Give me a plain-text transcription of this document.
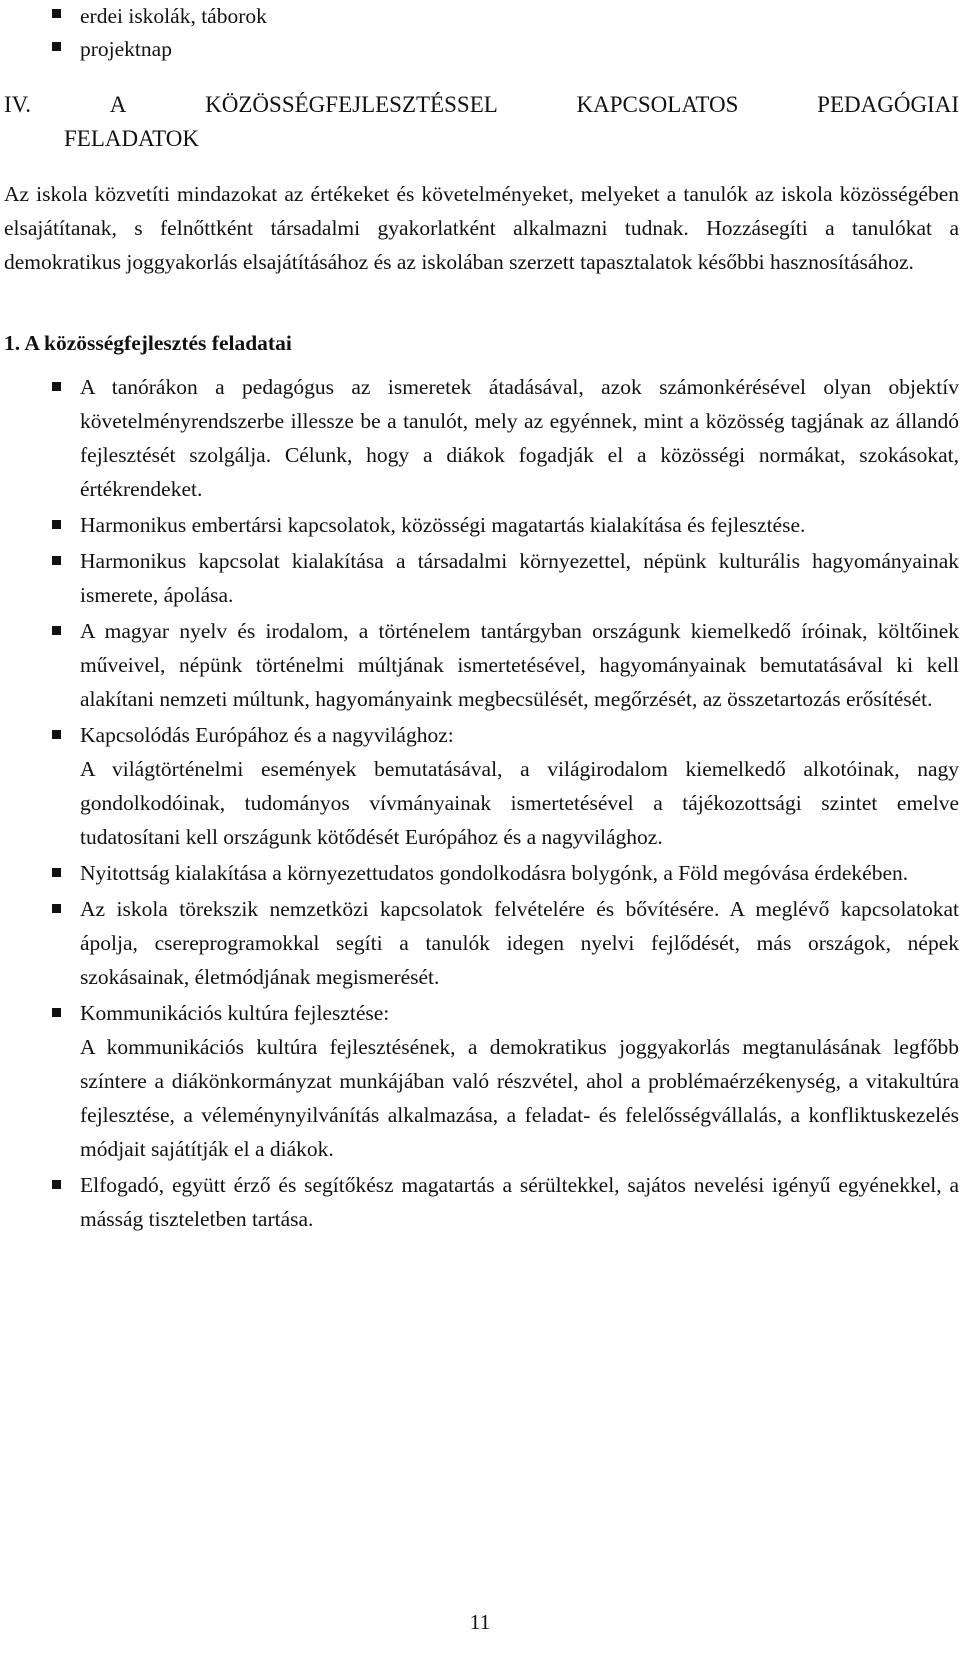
erdei iskolák, táborok
projektnap
IV.	A	KÖZÖSSÉGFEJLESZTÉSSEL	KAPCSOLATOS	PEDAGÓGIAI
FELADATOK

Az iskola közvetíti mindazokat az értékeket és követelményeket, melyeket a tanulók az iskola közösségében elsajátítanak, s felnőttként társadalmi gyakorlatként alkalmazni tudnak. Hozzásegíti a tanulókat a demokratikus joggyakorlás elsajátításához és az iskolában szerzett tapasztalatok későbbi hasznosításához.

1. A közösségfejlesztés feladatai
A tanórákon a pedagógus az ismeretek átadásával, azok számonkérésével olyan objektív követelményrendszerbe illessze be a tanulót, mely az egyénnek, mint a közösség tagjának az állandó fejlesztését szolgálja. Célunk, hogy a diákok fogadják el a közösségi normákat, szokásokat, értékrendeket.
Harmonikus embertársi kapcsolatok, közösségi magatartás kialakítása és fejlesztése.
Harmonikus kapcsolat kialakítása a társadalmi környezettel, népünk kulturális hagyományainak ismerete, ápolása.
A magyar nyelv és irodalom, a történelem tantárgyban országunk kiemelkedő íróinak, költőinek műveivel, népünk történelmi múltjának ismertetésével, hagyományainak bemutatásával ki kell alakítani nemzeti múltunk, hagyományaink megbecsülését, megőrzését, az összetartozás erősítését.
Kapcsolódás Európához és a nagyvilághoz:
A világtörténelmi események bemutatásával, a világirodalom kiemelkedő alkotóinak, nagy gondolkodóinak, tudományos vívmányainak ismertetésével a tájékozottsági szintet emelve tudatosítani kell országunk kötődését Európához és a nagyvilághoz.
Nyitottság kialakítása a környezettudatos gondolkodásra bolygónk, a Föld megóvása érdekében.
Az iskola törekszik nemzetközi kapcsolatok felvételére és bővítésére. A meglévő kapcsolatokat ápolja, csereprogramokkal segíti a tanulók idegen nyelvi fejlődését, más országok, népek szokásainak, életmódjának megismerését.
Kommunikációs kultúra fejlesztése:
A kommunikációs kultúra fejlesztésének, a demokratikus joggyakorlás megtanulásának legfőbb színtere a diákönkormányzat munkájában való részvétel, ahol a problémaérzékenység, a vitakultúra fejlesztése, a véleménynyilvánítás alkalmazása, a feladat- és felelősségvállalás, a konfliktuskezelés módjait sajátítják el a diákok.
Elfogadó, együtt érző és segítőkész magatartás a sérültekkel, sajátos nevelési igényű egyénekkel, a másság tiszteletben tartása.
11
